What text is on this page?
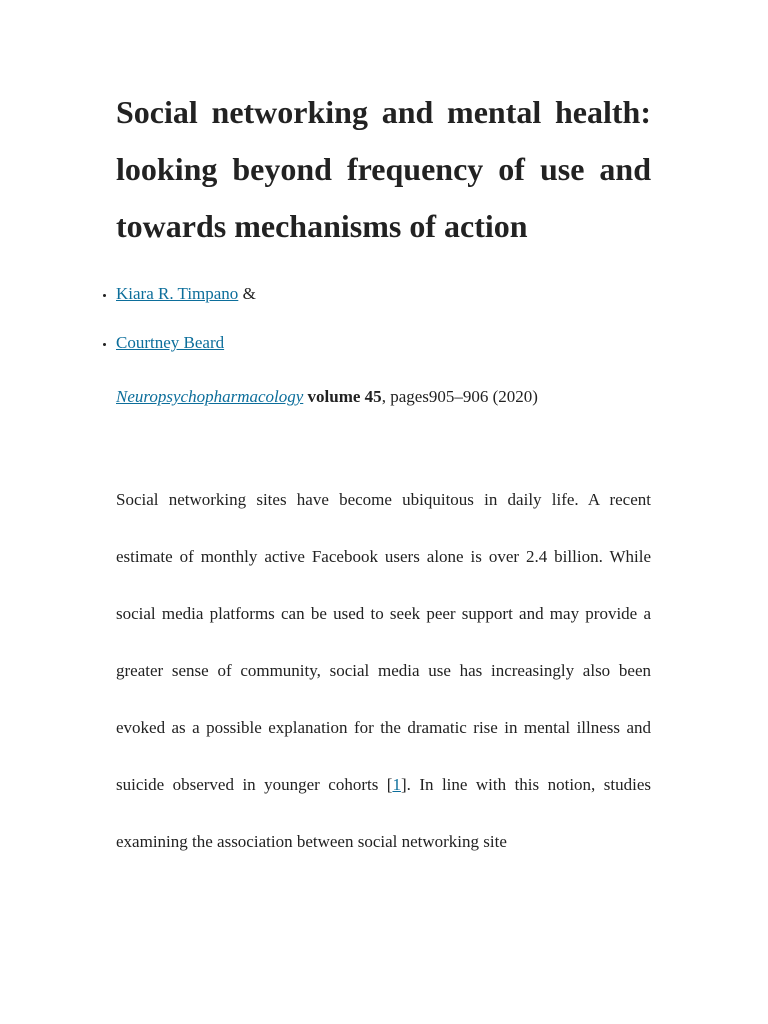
Social networking and mental health: looking beyond frequency of use and towards mechanisms of action
• Kiara R. Timpano &
• Courtney Beard

Neuropsychopharmacology volume 45, pages905–906 (2020)

Social networking sites have become ubiquitous in daily life. A recent estimate of monthly active Facebook users alone is over 2.4 billion. While social media platforms can be used to seek peer support and may provide a greater sense of community, social media use has increasingly also been evoked as a possible explanation for the dramatic rise in mental illness and suicide observed in younger cohorts [1]. In line with this notion, studies examining the association between social networking site
